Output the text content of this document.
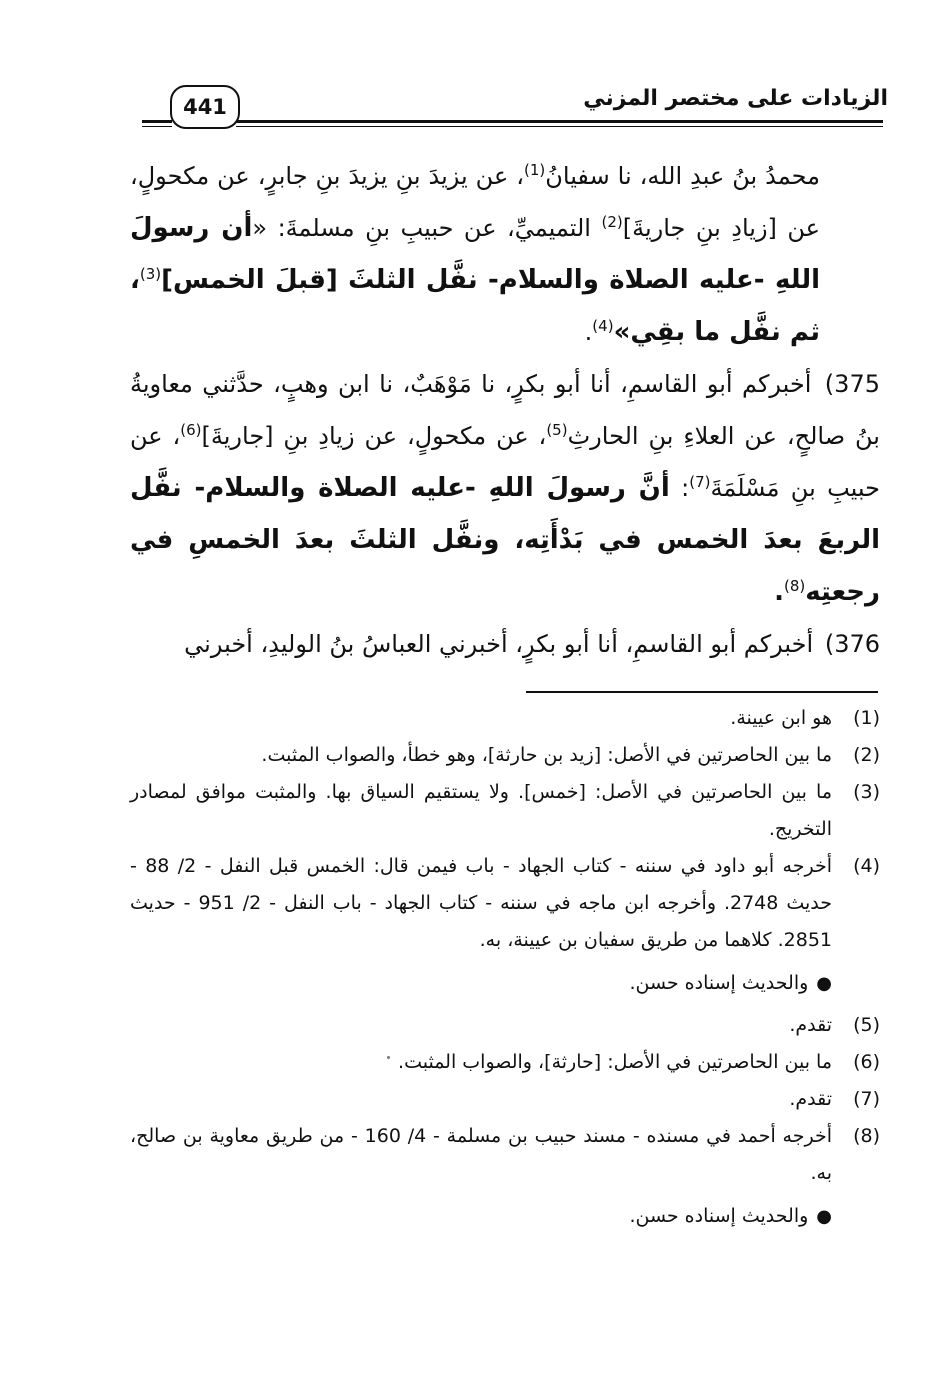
441	الزيادات على مختصر المزني

محمدُ بنُ عبدِ الله، نا سفيانُ$^{(1)}$، عن يزيدَ بنِ يزيدَ بنِ جابرٍ، عن مكحولٍ، عن [زيادِ بنِ جاريةَ]$^{(2)}$ التميميِّ، عن حبيبِ بنِ مسلمةَ: «أن رسولَ اللهِ -عليه الصلاة والسلام- نفَّل الثلثَ [قبلَ الخمس]$^{(3)}$، ثم نفَّل ما بقِي»$^{(4)}$.

375) أخبركم أبو القاسمِ، أنا أبو بكرٍ، نا مَوْهَبٌ، نا ابن وهبٍ، حدَّثني معاويةُ بنُ صالحٍ، عن العلاءِ بنِ الحارثِ$^{(5)}$، عن مكحولٍ، عن زيادِ بنِ [جاريةَ]$^{(6)}$، عن حبيبِ بنِ مَسْلَمَةَ$^{(7)}$: أنَّ رسولَ اللهِ -عليه الصلاة والسلام- نفَّل الربعَ بعدَ الخمس في بَدْأَتِه، ونفَّل الثلثَ بعدَ الخمسِ في رجعتِه$^{(8)}$.

376) أخبركم أبو القاسمِ، أنا أبو بكرٍ، أخبرني العباسُ بنُ الوليدِ، أخبرني

(1)
هو ابن عيينة.
(2)
ما بين الحاصرتين في الأصل: [زيد بن حارثة]، وهو خطأ، والصواب المثبت.
(3)
ما بين الحاصرتين في الأصل: [خمس]. ولا يستقيم السياق بها. والمثبت موافق لمصادر التخريج.
(4)
أخرجه أبو داود في سننه - كتاب الجهاد - باب فيمن قال: الخمس قبل النفل - 2/ 88 - حديث 2748. وأخرجه ابن ماجه في سننه - كتاب الجهاد - باب النفل - 2/ 951 - حديث 2851. كلاهما من طريق سفيان بن عيينة، به.
●والحديث إسناده حسن.
(5)
تقدم.
(6)
ما بين الحاصرتين في الأصل: [حارثة]، والصواب المثبت.
(7)
تقدم.
(8)
أخرجه أحمد في مسنده - مسند حبيب بن مسلمة - 4/ 160 - من طريق معاوية بن صالح، به.
●والحديث إسناده حسن.
